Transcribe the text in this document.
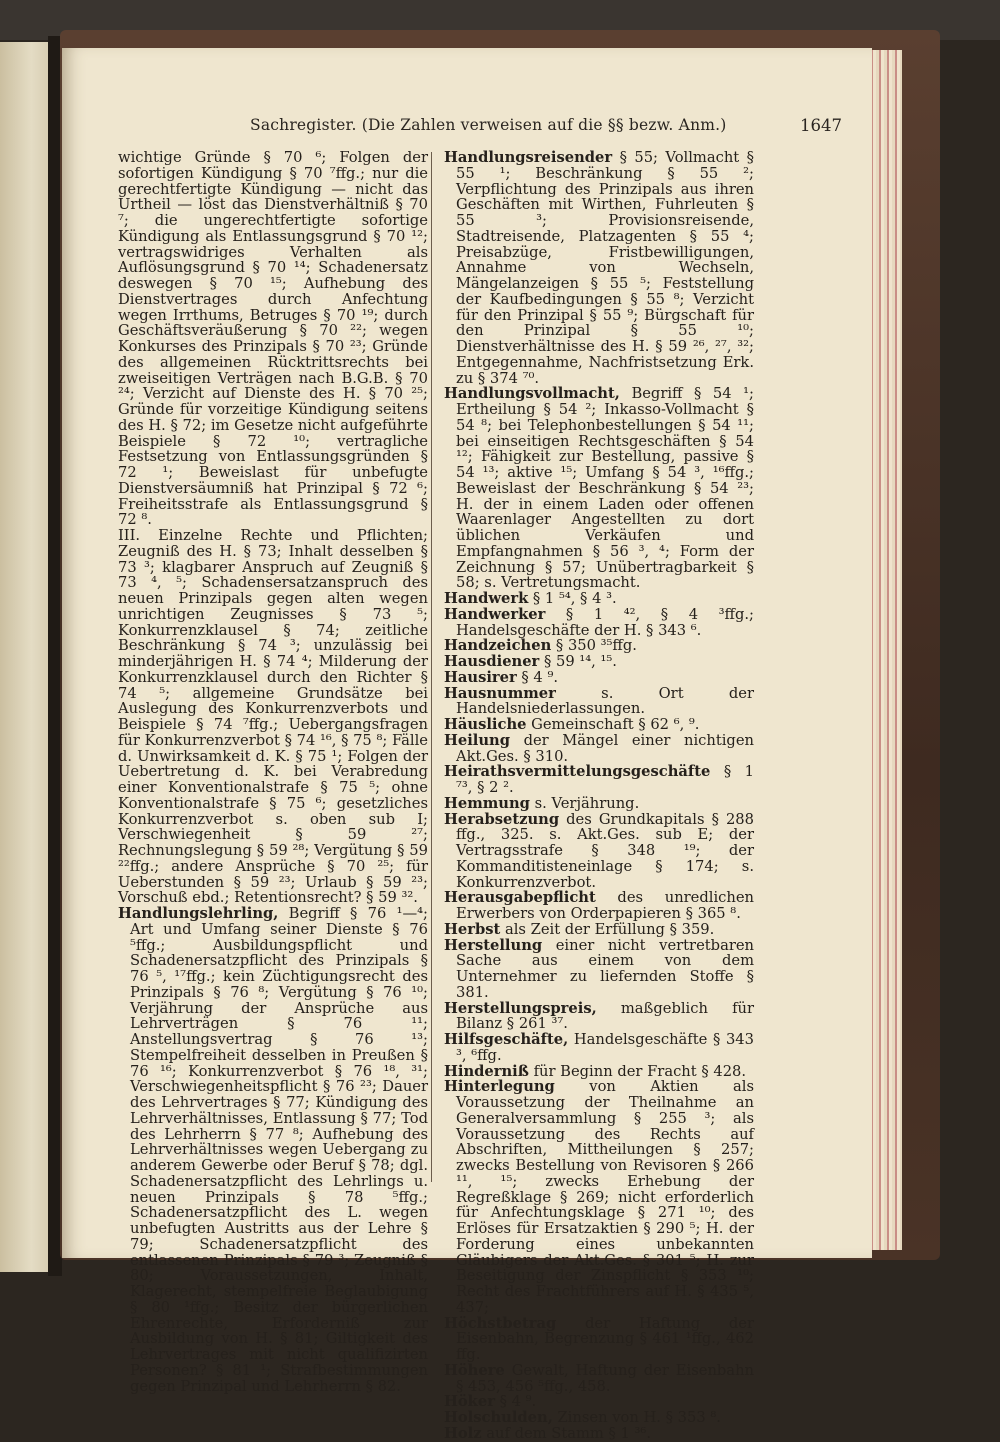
Sachregister. (Die Zahlen verweisen auf die §§ bezw. Anm.)	1647

wichtige Gründe § 70 ⁶; Folgen der sofortigen Kündigung § 70 ⁷ffg.; nur die gerechtfertigte Kündigung — nicht das Urtheil — löst das Dienstverhältniß § 70 ⁷; die ungerechtfertigte sofortige Kündigung als Entlassungsgrund § 70 ¹²; vertragswidriges Verhalten als Auflösungsgrund § 70 ¹⁴; Schadenersatz deswegen § 70 ¹⁵; Aufhebung des Dienstvertrages durch Anfechtung wegen Irrthums, Betruges § 70 ¹⁹; durch Geschäftsveräußerung § 70 ²²; wegen Konkurses des Prinzipals § 70 ²³; Gründe des allgemeinen Rücktrittsrechts bei zweiseitigen Verträgen nach B.G.B. § 70 ²⁴; Verzicht auf Dienste des H. § 70 ²⁵; Gründe für vorzeitige Kündigung seitens des H. § 72; im Gesetze nicht aufgeführte Beispiele § 72 ¹⁰; vertragliche Festsetzung von Entlassungsgründen § 72 ¹; Beweislast für unbefugte Dienstversäumniß hat Prinzipal § 72 ⁶; Freiheitsstrafe als Entlassungsgrund § 72 ⁸.

III. Einzelne Rechte und Pflichten; Zeugniß des H. § 73; Inhalt desselben § 73 ³; klagbarer Anspruch auf Zeugniß § 73 ⁴, ⁵; Schadensersatzanspruch des neuen Prinzipals gegen alten wegen unrichtigen Zeugnisses § 73 ⁵; Konkurrenzklausel § 74; zeitliche Beschränkung § 74 ³; unzulässig bei minderjährigen H. § 74 ⁴; Milderung der Konkurrenzklausel durch den Richter § 74 ⁵; allgemeine Grundsätze bei Auslegung des Konkurrenzverbots und Beispiele § 74 ⁷ffg.; Uebergangsfragen für Konkurrenzverbot § 74 ¹⁶, § 75 ⁸; Fälle d. Unwirksamkeit d. K. § 75 ¹; Folgen der Uebertretung d. K. bei Verabredung einer Konventionalstrafe § 75 ⁵; ohne Konventionalstrafe § 75 ⁶; gesetzliches Konkurrenzverbot s. oben sub I; Verschwiegenheit § 59 ²⁷; Rechnungslegung § 59 ²⁸; Vergütung § 59 ²²ffg.; andere Ansprüche § 70 ²⁵; für Ueberstunden § 59 ²³; Urlaub § 59 ²³; Vorschuß ebd.; Retentionsrecht? § 59 ³².

Handlungslehrling, Begriff § 76 ¹—⁴; Art und Umfang seiner Dienste § 76 ⁵ffg.; Ausbildungspflicht und Schadenersatzpflicht des Prinzipals § 76 ⁵, ¹⁷ffg.; kein Züchtigungsrecht des Prinzipals § 76 ⁸; Vergütung § 76 ¹⁰; Verjährung der Ansprüche aus Lehrverträgen § 76 ¹¹; Anstellungsvertrag § 76 ¹³; Stempelfreiheit desselben in Preußen § 76 ¹⁶; Konkurrenzverbot § 76 ¹⁸, ³¹; Verschwiegenheitspflicht § 76 ²³; Dauer des Lehrvertrages § 77; Kündigung des Lehrverhältnisses, Entlassung § 77; Tod des Lehrherrn § 77 ⁸; Aufhebung des Lehrverhältnisses wegen Uebergang zu anderem Gewerbe oder Beruf § 78; dgl. Schadenersatzpflicht des Lehrlings u. neuen Prinzipals § 78 ⁵ffg.; Schadenersatzpflicht des L. wegen unbefugten Austritts aus der Lehre § 79; Schadenersatzpflicht des entlassenen Prinzipals § 79 ³; Zeugniß § 80; Voraussetzungen, Inhalt, Klagerecht, stempelfreie Beglaubigung § 80 ¹ffg.; Besitz der bürgerlichen Ehrenrechte, Erforderniß zur Ausbildung von H. § 81; Giltigkeit des Lehrvertrages mit nicht qualifizirten Personen? § 81 ¹; Strafbestimmungen gegen Prinzipal und Lehrherrn § 82.

Handlungsreisender § 55; Vollmacht § 55 ¹; Beschränkung § 55 ²; Verpflichtung des Prinzipals aus ihren Geschäften mit Wirthen, Fuhrleuten § 55 ³; Provisionsreisende, Stadtreisende, Platzagenten § 55 ⁴; Preisabzüge, Fristbewilligungen, Annahme von Wechseln, Mängelanzeigen § 55 ⁵; Feststellung der Kaufbedingungen § 55 ⁸; Verzicht für den Prinzipal § 55 ⁹; Bürgschaft für den Prinzipal § 55 ¹⁰; Dienstverhältnisse des H. § 59 ²⁶, ²⁷, ³²; Entgegennahme, Nachfristsetzung Erk. zu § 374 ⁷⁰.

Handlungsvollmacht, Begriff § 54 ¹; Ertheilung § 54 ²; Inkasso-Vollmacht § 54 ⁸; bei Telephonbestellungen § 54 ¹¹; bei einseitigen Rechtsgeschäften § 54 ¹²; Fähigkeit zur Bestellung, passive § 54 ¹³; aktive ¹⁵; Umfang § 54 ³, ¹⁶ffg.; Beweislast der Beschränkung § 54 ²³; H. der in einem Laden oder offenen Waarenlager Angestellten zu dort üblichen Verkäufen und Empfangnahmen § 56 ³, ⁴; Form der Zeichnung § 57; Unübertragbarkeit § 58; s. Vertretungsmacht.

Handwerk § 1 ⁵⁴, § 4 ³.

Handwerker § 1 ⁴², § 4 ³ffg.; Handelsgeschäfte der H. § 343 ⁶.

Handzeichen § 350 ³⁵ffg.

Hausdiener § 59 ¹⁴, ¹⁵.

Hausirer § 4 ⁹.

Hausnummer s. Ort der Handelsniederlassungen.

Häusliche Gemeinschaft § 62 ⁶, ⁹.

Heilung der Mängel einer nichtigen Akt.Ges. § 310.

Heirathsvermittelungsgeschäfte § 1 ⁷³, § 2 ².

Hemmung s. Verjährung.

Herabsetzung des Grundkapitals § 288 ffg., 325. s. Akt.Ges. sub E; der Vertragsstrafe § 348 ¹⁹; der Kommanditisteneinlage § 174; s. Konkurrenzverbot.

Herausgabepflicht des unredlichen Erwerbers von Orderpapieren § 365 ⁸.

Herbst als Zeit der Erfüllung § 359.

Herstellung einer nicht vertretbaren Sache aus einem von dem Unternehmer zu liefernden Stoffe § 381.

Herstellungspreis, maßgeblich für Bilanz § 261 ³⁷.

Hilfsgeschäfte, Handelsgeschäfte § 343 ³, ⁶ffg.

Hinderniß für Beginn der Fracht § 428.

Hinterlegung von Aktien als Voraussetzung der Theilnahme an Generalversammlung § 255 ³; als Voraussetzung des Rechts auf Abschriften, Mittheilungen § 257; zwecks Bestellung von Revisoren § 266 ¹¹, ¹⁵; zwecks Erhebung der Regreßklage § 269; nicht erforderlich für Anfechtungsklage § 271 ¹⁰; des Erlöses für Ersatzaktien § 290 ⁵; H. der Forderung eines unbekannten Gläubigers der Akt.Ges. § 301 ⁵; H. zur Beseitigung der Zinspflicht § 353 ¹⁰; Recht des Frachtführers auf H. § 435 ⁵, 437;

Höchstbetrag der Haftung der Eisenbahn, Begrenzung § 461 ¹ffg., 462 ffg.

Höhere Gewalt, Haftung der Eisenbahn § 453, 456 ⁵ffg., 458.

Höker § 4 ⁹.

Holschulden, Zinsen von H. § 353 ⁸.

Holz auf dem Stamm § 1 ³⁶.
